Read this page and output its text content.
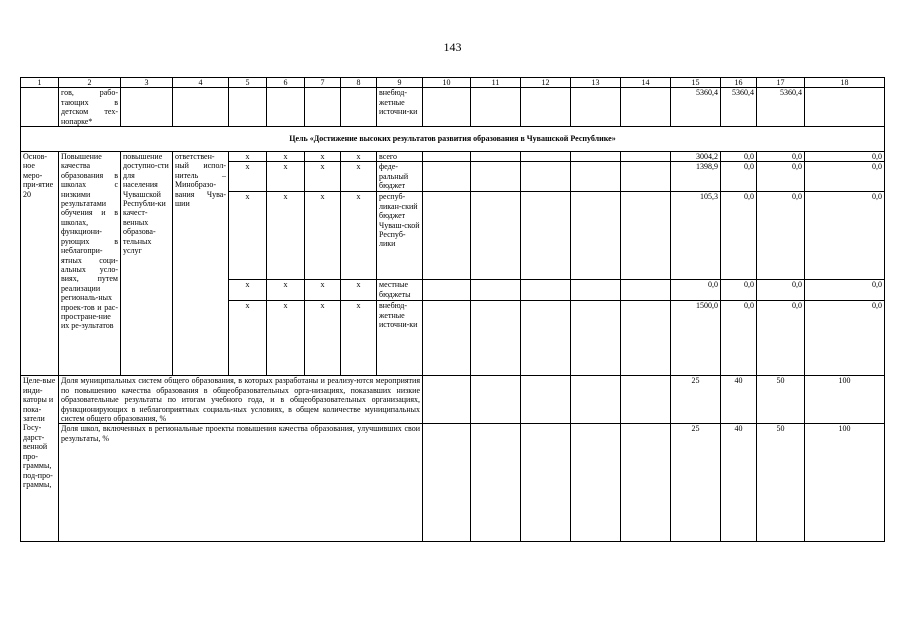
143
1	2	3	4	5	6	7	8	9	10	11	12	13	14	15	16	17	18
	гов, рабо-тающих в детском тех-нопарке*							внебюд-жетные источни-ки						5360,4	5360,4	5360,4	
Цель «Достижение высоких результатов развития образования в Чувашской Республике»																	
Основ-ное меро-при-ятие 20	Повышение качества образования в школах с низкими результатами обучения и в школах, функциони-рующих в неблагопри-ятных соци-альных усло-виях, путем реализации региональ-ных проек-тов и рас-простране-ние их ре-зультатов	повышение доступно-сти для населения Чувашской Республи-ки качест-венных образова-тельных услуг	ответствен-ный испол-нитель – Минобразо-вания Чува-шии	х	х	х	х	всего						3004,2	0,0	0,0	0,0
				х	х	х	х	феде-ральный бюджет						1398,9	0,0	0,0	0,0
				х	х	х	х	респуб-ликан-ский бюджет Чуваш-ской Респуб-лики						105,3	0,0	0,0	0,0
				х	х	х	х	местные бюджеты						0,0	0,0	0,0	0,0
				х	х	х	х	внебюд-жетные источни-ки						1500,0	0,0	0,0	0,0
Целе-вые инди-каторы и пока-затели Госу-дарст-венной про-граммы, под-про-граммы,	Доля муниципальных систем общего образования, в которых разработаны и реализу-ются мероприятия по повышению качества образования в общеобразовательных орга-низациях, показавших низкие образовательные результаты по итогам учебного года, и в общеобразовательных организациях, функционирующих в неблагоприятных социаль-ных условиях, в общем количестве муниципальных систем общего образования, %													25	40	50	100
	Доля школ, включенных в региональные проекты повышения качества образования, улучшивших свои результаты, %													25	40	50	100
